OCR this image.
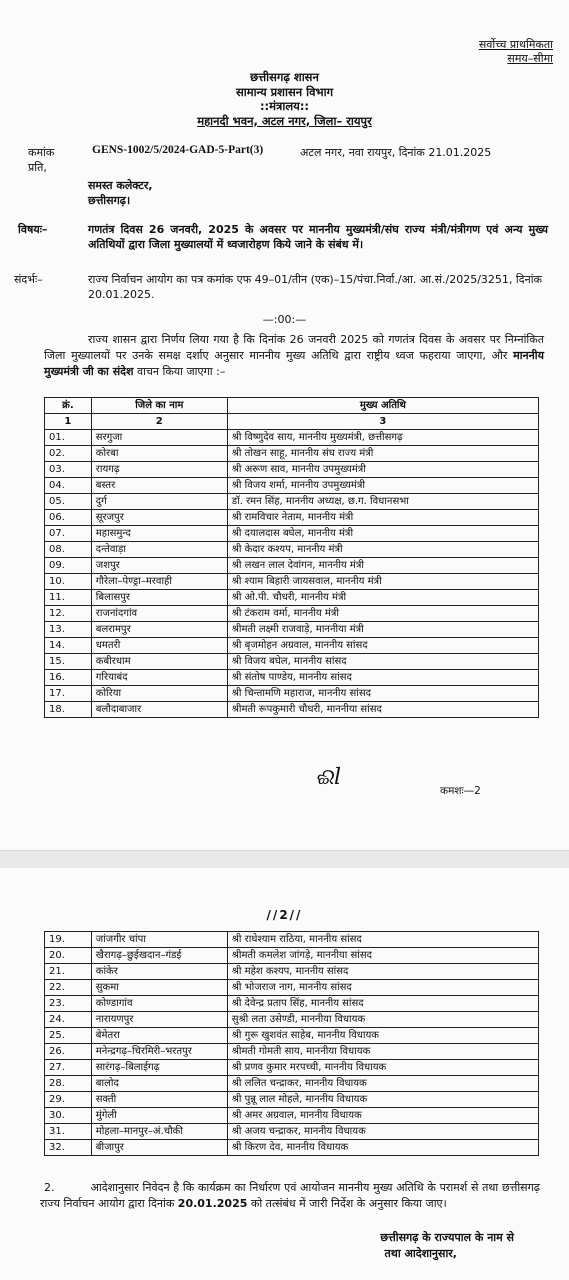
सर्वोच्च प्राथमिकता
समय–सीमा
छत्तीसगढ़ शासन
सामान्य प्रशासन विभाग
::मंत्रालय::
महानदी भवन, अटल नगर, जिला– रायपुर
कमांक	GENS-1002/5/2024-GAD-5-Part(3)	अटल नगर, नवा रायपुर, दिनांक 21.01.2025
प्रति,
समस्त कलेक्टर,
छत्तीसगढ़।
विषयः–	गणतंत्र दिवस 26 जनवरी, 2025 के अवसर पर माननीय मुख्यमंत्री/संघ राज्य मंत्री/मंत्रीगण एवं अन्य मुख्य अतिथियों द्वारा जिला मुख्यालयों में ध्वजारोहण किये जाने के संबंध में।
संदर्भः–	राज्य निर्वाचन आयोग का पत्र कमांक एफ 49–01/तीन (एक)–15/पंचा.निर्वा./आ. आ.सं./2025/3251, दिनांक 20.01.2025.
—:00:—
राज्य शासन द्वारा निर्णय लिया गया है कि दिनांक 26 जनवरी 2025 को गणतंत्र दिवस के अवसर पर निम्नांकित जिला मुख्यालयों पर उनके समक्ष दर्शाए अनुसार माननीय मुख्य अतिथि द्वारा राष्ट्रीय ध्वज फहराया जाएगा, और माननीय मुख्यमंत्री जी का संदेश वाचन किया जाएगा :–
क्रं.	जिले का नाम	मुख्य अतिथि
1	2	3
01.	सरगुजा	श्री विष्णुदेव साय, माननीय मुख्यमंत्री, छत्तीसगढ़
02.	कोरबा	श्री तोखन साहू, माननीय संघ राज्य मंत्री
03.	रायगढ़	श्री अरूण साव, माननीय उपमुख्यमंत्री
04.	बस्तर	श्री विजय शर्मा, माननीय उपमुख्यमंत्री
05.	दुर्ग	डॉ. रमन सिंह, माननीय अध्यक्ष, छ.ग. विधानसभा
06.	सूरजपुर	श्री रामविचार नेताम, माननीय मंत्री
07.	महासमुन्द	श्री दयालदास बघेल, माननीय मंत्री
08.	दन्तेवाड़ा	श्री केदार कश्यप, माननीय मंत्री
09.	जशपुर	श्री लखन लाल देवांगन, माननीय मंत्री
10.	गौरेला–पेण्ड्रा–मरवाही	श्री श्याम बिहारी जायसवाल, माननीय मंत्री
11.	बिलासपुर	श्री ओ.पी. चौधरी, माननीय मंत्री
12.	राजनांदगांव	श्री टंकराम वर्मा, माननीय मंत्री
13.	बलरामपुर	श्रीमती लक्ष्मी राजवाड़े, माननीया मंत्री
14.	धमतरी	श्री बृजमोहन अग्रवाल, माननीय सांसद
15.	कबीरधाम	श्री विजय बघेल, माननीय सांसद
16.	गरियाबंद	श्री संतोष पाण्डेय, माननीय सांसद
17.	कोरिया	श्री चिन्तामणि महाराज, माननीय सांसद
18.	बलौदाबाजार	श्रीमती रूपकुमारी चौधरी, माननीया सांसद
ଈl
कमशः—2
//2//
19.	जांजगीर चांपा	श्री राधेश्याम राठिया, माननीय सांसद
20.	खैरागढ़–छुईखदान–गंडई	श्रीमती कमलेश जांगड़े, माननीया सांसद
21.	कांकेर	श्री महेश कश्यप, माननीय सांसद
22.	सुकमा	श्री भोजराज नाग, माननीय सांसद
23.	कोण्डागांव	श्री देवेन्द्र प्रताप सिंह, माननीय सांसद
24.	नारायणपुर	सुश्री लता उसेण्डी, माननीया विधायक
25.	बेमेतरा	श्री गुरू खुशवंत साहेब, माननीय विधायक
26.	मनेन्द्रगढ़–चिरमिरी–भरतपुर	श्रीमती गोमती साय, माननीया विधायक
27.	सारंगढ़–बिलाईगढ़	श्री प्रणव कुमार मरपच्ची, माननीय विधायक
28.	बालोद	श्री ललित चन्द्राकर, माननीय विधायक
29.	सक्ती	श्री पुन्नू लाल मोहले, माननीय विधायक
30.	मुंगेली	श्री अमर अग्रवाल, माननीय विधायक
31.	मोहला–मानपुर–अं.चौकी	श्री अजय चन्द्राकर, माननीय विधायक
32.	बीजापुर	श्री किरण देव, माननीय विधायक
2.	आदेशानुसार निवेदन है कि कार्यक्रम का निर्धारण एवं आयोजन माननीय मुख्य अतिथि के परामर्श से तथा छत्तीसगढ़ राज्य निर्वाचन आयोग द्वारा दिनांक 20.01.2025 को तत्संबंध में जारी निर्देश के अनुसार किया जाए।
छत्तीसगढ़ के राज्यपाल के नाम से
तथा आदेशानुसार,
